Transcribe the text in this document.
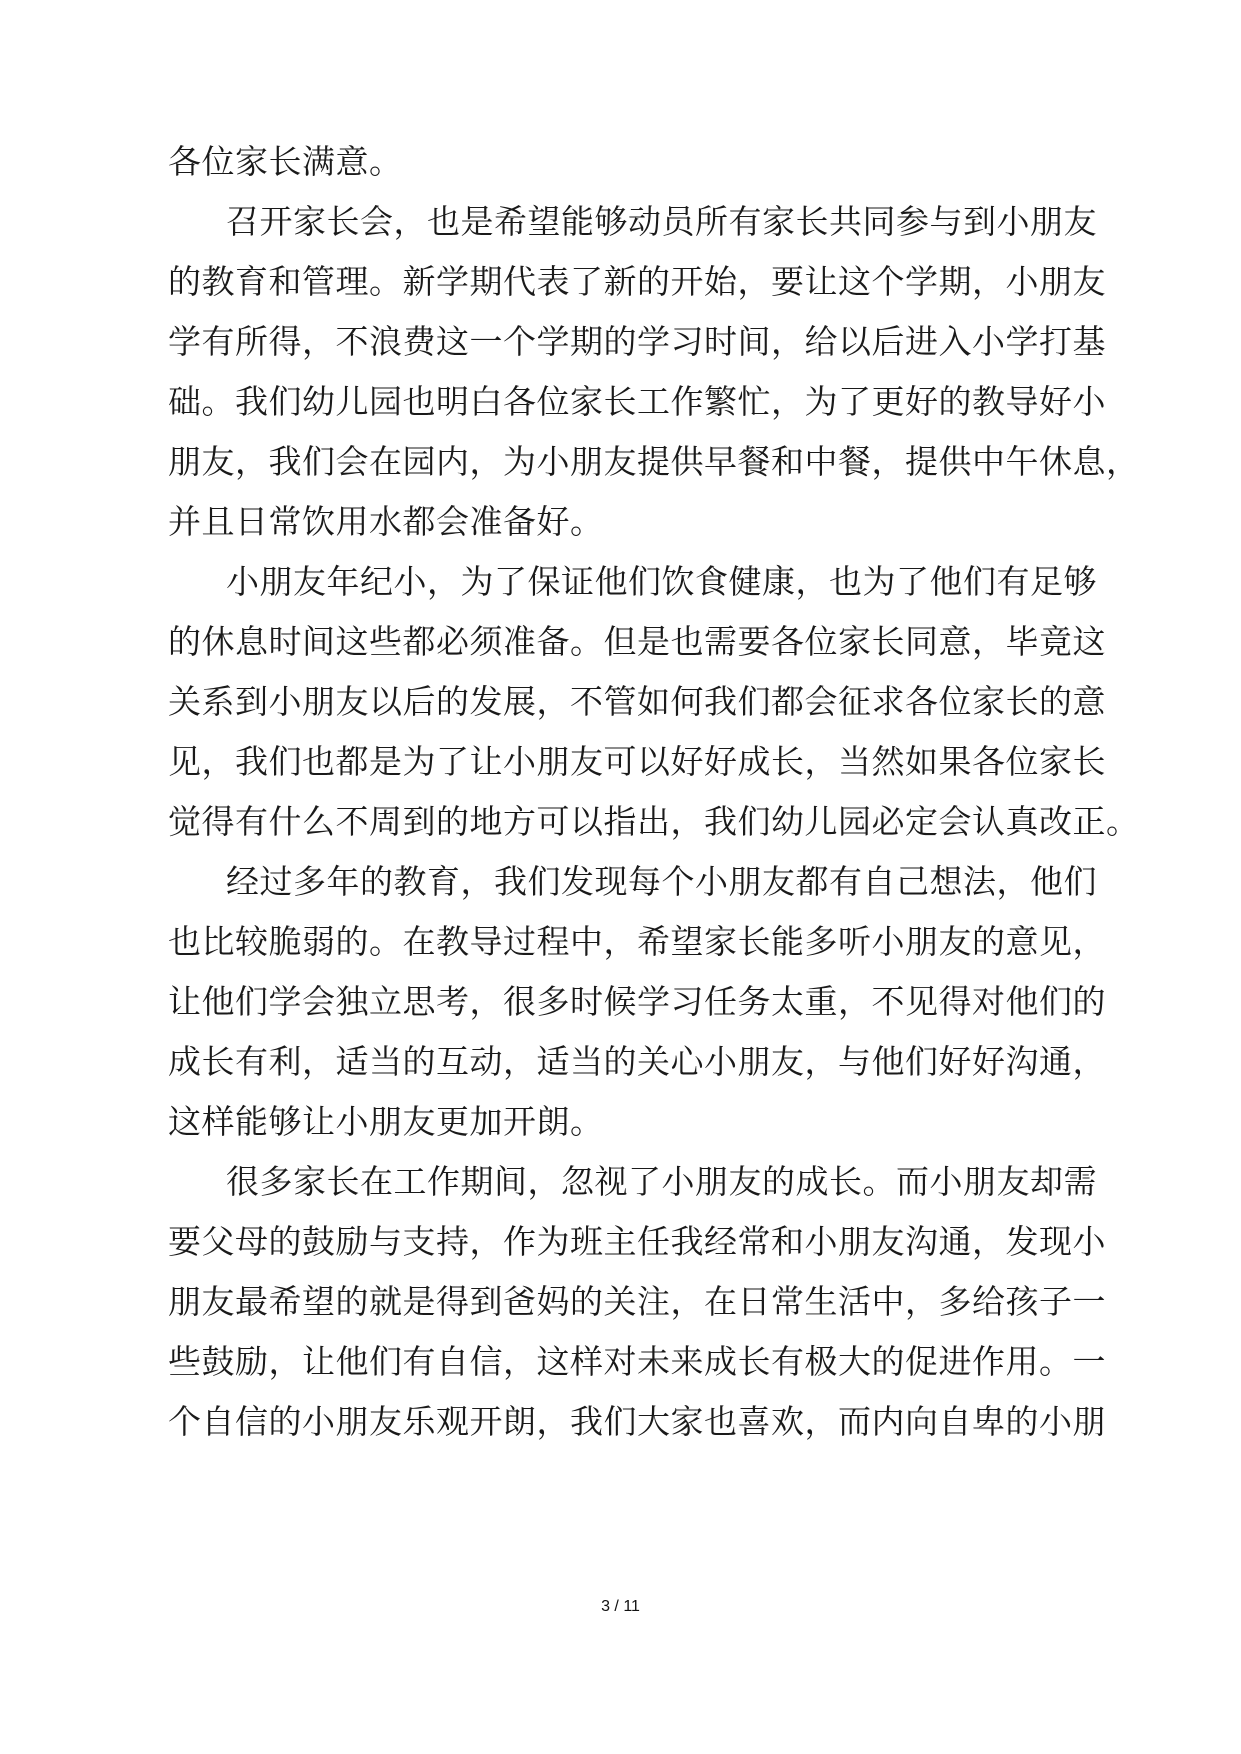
各位家长满意。
召开家长会，也是希望能够动员所有家长共同参与到小朋友
的教育和管理。新学期代表了新的开始，要让这个学期，小朋友
学有所得，不浪费这一个学期的学习时间，给以后进入小学打基
础。我们幼儿园也明白各位家长工作繁忙，为了更好的教导好小
朋友，我们会在园内，为小朋友提供早餐和中餐，提供中午休息，
并且日常饮用水都会准备好。
小朋友年纪小，为了保证他们饮食健康，也为了他们有足够
的休息时间这些都必须准备。但是也需要各位家长同意，毕竟这
关系到小朋友以后的发展，不管如何我们都会征求各位家长的意
见，我们也都是为了让小朋友可以好好成长，当然如果各位家长
觉得有什么不周到的地方可以指出，我们幼儿园必定会认真改正。
经过多年的教育，我们发现每个小朋友都有自己想法，他们
也比较脆弱的。在教导过程中，希望家长能多听小朋友的意见，
让他们学会独立思考，很多时候学习任务太重，不见得对他们的
成长有利，适当的互动，适当的关心小朋友，与他们好好沟通，
这样能够让小朋友更加开朗。
很多家长在工作期间，忽视了小朋友的成长。而小朋友却需
要父母的鼓励与支持，作为班主任我经常和小朋友沟通，发现小
朋友最希望的就是得到爸妈的关注，在日常生活中，多给孩子一
些鼓励，让他们有自信，这样对未来成长有极大的促进作用。一
个自信的小朋友乐观开朗，我们大家也喜欢，而内向自卑的小朋
3 / 11
